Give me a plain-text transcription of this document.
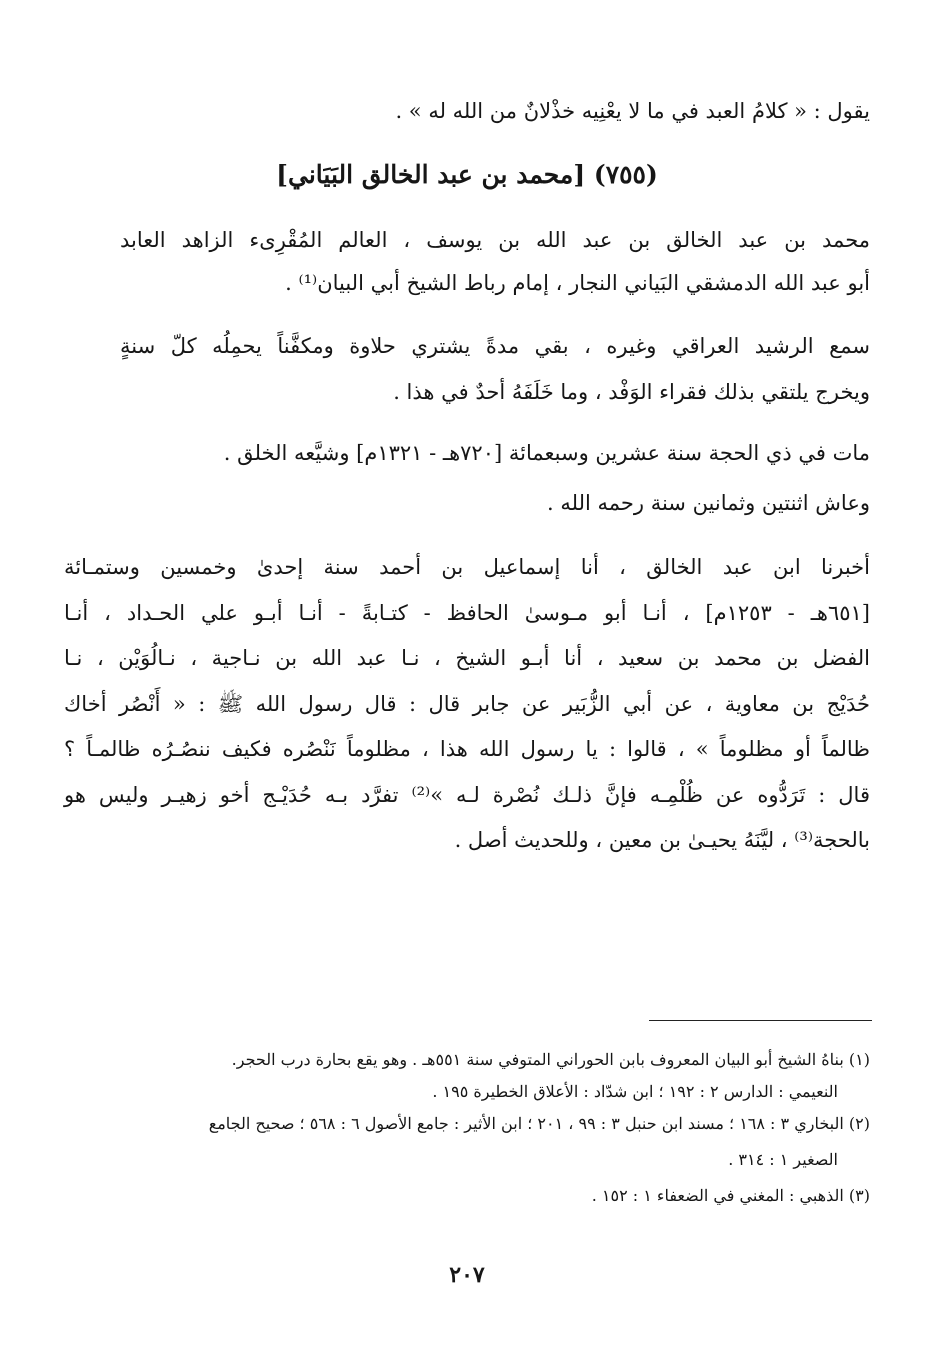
يقول : « كلامُ العبد في ما لا يعْنِيه خذْلانٌ من الله له » .
(٧٥٥) [محمد بن عبد الخالق البَيَاني]
محمد بن عبد الخالق بن عبد الله بن يوسف ، العالم المُقْرِىء الزاهد العابد
أبو عبد الله الدمشقي البَياني النجار ، إمام رباط الشيخ أبي البيان⁽¹⁾ .
سمع الرشيد العراقي وغيره ، بقي مدةً يشتري حلاوة ومكفَّناً يحمِلُه كلّ سنةٍ
ويخرج يلتقي بذلك فقراء الوَفْد ، وما خَلَفَهُ أحدٌ في هذا .
مات في ذي الحجة سنة عشرين وسبعمائة [٧٢٠هـ - ١٣٢١م] وشيَّعه الخلق .
وعاش اثنتين وثمانين سنة رحمه الله .
أخبرنا ابن عبد الخالق ، أنا إسماعيل بن أحمد سنة إحدىٰ وخمسين وستمـائة
[٦٥١هـ - ١٢٥٣م] ، أنـا أبو مـوسىٰ الحافظ - كتـابةً - أنـا أبـو علي الحـداد ، أنـا
الفضل بن محمد بن سعيد ، أنا أبـو الشيخ ، نـا عبد الله بن نـاجية ، نـالُوَيْن ، نـا
حُدَيْج بن معاوية ، عن أبي الزُّبَير عن جابر قال : قال رسول الله ﷺ : « أَنْصُر أخاك
ظالماً أو مظلوماً » ، قالوا : يا رسول الله هذا ، مظلوماً نَنْصُره فكيف ننصُـرُه ظالمـاً ؟
قال : تَرَدُّوه عن ظُلْمِـه فإنَّ ذلـك نُصْرة لـه »⁽²⁾ تفرَّد بـه حُدَيْـج أخو زهيـر وليس هو
بالحجة⁽³⁾ ، ليَّنَهُ يحيـىٰ بن معين ، وللحديث أصل .
(١) بناهُ الشيخ أبو البيان المعروف بابن الحوراني المتوفي سنة ٥٥١هـ . وهو يقع بحارة درب الحجر.
النعيمي : الدارس ٢ : ١٩٢ ؛ ابن شدّاد : الأعلاق الخطيرة ١٩٥ .
(٢) البخاري ٣ : ١٦٨ ؛ مسند ابن حنبل ٣ : ٩٩ ، ٢٠١ ؛ ابن الأثير : جامع الأصول ٦ : ٥٦٨ ؛ صحيح الجامع
الصغير ١ : ٣١٤ .
(٣) الذهبي : المغني في الضعفاء ١ : ١٥٢ .
٢٠٧
